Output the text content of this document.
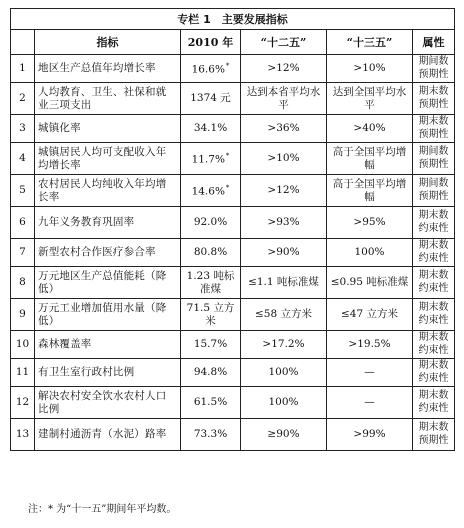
专栏 1　主要发展指标					
	指标	2010 年	“十二五”	“十三五”	属性
1	地区生产总值年均增长率	16.6%*	>12%	>10%	期间数预期性
2	人均教育、卫生、社保和就业三项支出	1374 元	达到本省平均水平	达到全国平均水平	期末数预期性
3	城镇化率	34.1%	>36%	>40%	期末数预期性
4	城镇居民人均可支配收入年均增长率	11.7%*	>10%	高于全国平均增幅	期间数预期性
5	农村居民人均纯收入年均增长率	14.6%*	>12%	高于全国平均增幅	期间数预期性
6	九年义务教育巩固率	92.0%	>93%	>95%	期末数约束性
7	新型农村合作医疗参合率	80.8%	>90%	100%	期末数约束性
8	万元地区生产总值能耗（降低）	1.23 吨标准煤	≤1.1 吨标准煤	≤0.95 吨标准煤	期末数约束性
9	万元工业增加值用水量（降低）	71.5 立方米	≤58 立方米	≤47 立方米	期末数约束性
10	森林覆盖率	15.7%	>17.2%	>19.5%	期末数约束性
11	有卫生室行政村比例	94.8%	100%	—	期末数约束性
12	解决农村安全饮水农村人口比例	61.5%	100%	—	期末数约束性
13	建制村通沥青（水泥）路率	73.3%	≥90%	>99%	期末数预期性
注：* 为“十一五”期间年平均数。
